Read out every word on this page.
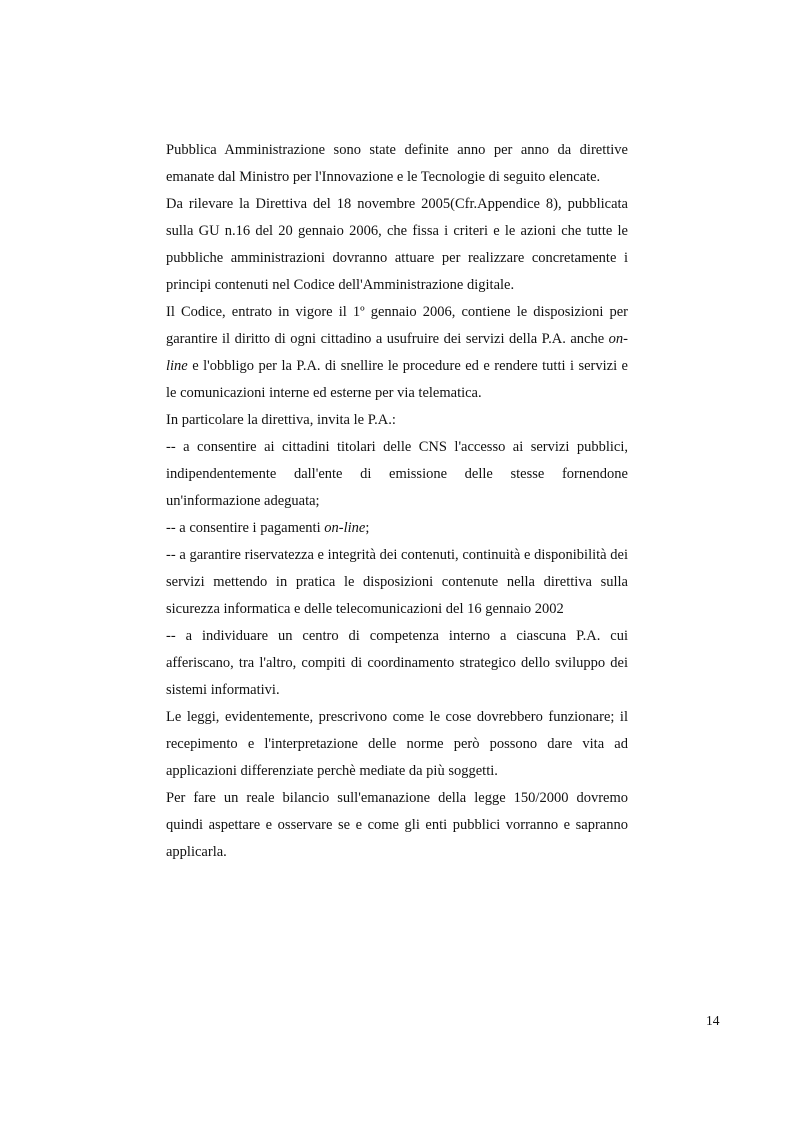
Pubblica Amministrazione sono state definite anno per anno da direttive emanate dal Ministro per l'Innovazione e le Tecnologie di seguito elencate.

Da rilevare la Direttiva del 18 novembre 2005(Cfr.Appendice 8), pubblicata sulla GU n.16 del 20 gennaio 2006, che fissa i criteri e le azioni che tutte le pubbliche amministrazioni dovranno attuare per realizzare concretamente i principi contenuti nel Codice dell'Amministrazione digitale.

Il Codice, entrato in vigore il 1º gennaio 2006, contiene le disposizioni per garantire il diritto di ogni cittadino a usufruire dei servizi della P.A. anche on-line e l'obbligo per la P.A. di snellire le procedure ed e rendere tutti i servizi e le comunicazioni interne ed esterne per via telematica.

In particolare la direttiva, invita le P.A.:

-- a consentire ai cittadini titolari delle CNS l'accesso ai servizi pubblici, indipendentemente dall'ente di emissione delle stesse fornendone un'informazione adeguata;

-- a consentire i pagamenti on-line;

-- a garantire riservatezza e integrità dei contenuti, continuità e disponibilità dei servizi mettendo in pratica le disposizioni contenute nella direttiva sulla sicurezza informatica e delle telecomunicazioni del 16 gennaio 2002

-- a individuare un centro di competenza interno a ciascuna P.A. cui afferiscano, tra l'altro, compiti di coordinamento strategico dello sviluppo dei sistemi informativi.

Le leggi, evidentemente, prescrivono come le cose dovrebbero funzionare; il recepimento e l'interpretazione delle norme però possono dare vita ad applicazioni differenziate perchè mediate da più soggetti.

Per fare un reale bilancio sull'emanazione della legge 150/2000 dovremo quindi aspettare e osservare se e come gli enti pubblici vorranno e sapranno applicarla.

14
